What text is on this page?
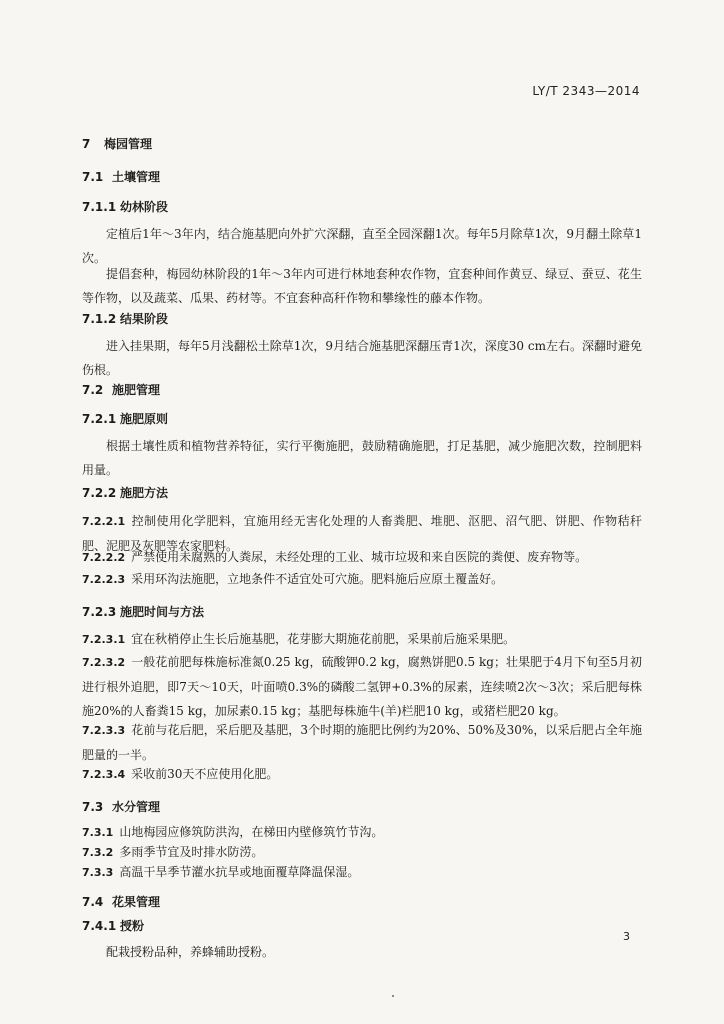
LY/T 2343—2014
7 梅园管理
7.1 土壤管理
7.1.1 幼林阶段
定植后1年～3年内，结合施基肥向外扩穴深翻，直至全园深翻1次。每年5月除草1次，9月翻土除草1次。
提倡套种，梅园幼林阶段的1年～3年内可进行林地套种农作物，宜套种间作黄豆、绿豆、蚕豆、花生等作物，以及蔬菜、瓜果、药材等。不宜套种高秆作物和攀缘性的藤本作物。
7.1.2 结果阶段
进入挂果期，每年5月浅翻松土除草1次，9月结合施基肥深翻压青1次，深度30 cm左右。深翻时避免伤根。
7.2 施肥管理
7.2.1 施肥原则
根据土壤性质和植物营养特征，实行平衡施肥，鼓励精确施肥，打足基肥，减少施肥次数，控制肥料用量。
7.2.2 施肥方法
7.2.2.1 控制使用化学肥料，宜施用经无害化处理的人畜粪肥、堆肥、沤肥、沼气肥、饼肥、作物秸秆肥、泥肥及灰肥等农家肥料。
7.2.2.2 严禁使用未腐熟的人粪尿，未经处理的工业、城市垃圾和来自医院的粪便、废弃物等。
7.2.2.3 采用环沟法施肥，立地条件不适宜处可穴施。肥料施后应原土覆盖好。
7.2.3 施肥时间与方法
7.2.3.1 宜在秋梢停止生长后施基肥，花芽膨大期施花前肥，采果前后施采果肥。
7.2.3.2 一般花前肥每株施标准氮0.25 kg，硫酸钾0.2 kg，腐熟饼肥0.5 kg；壮果肥于4月下旬至5月初进行根外追肥，即7天～10天，叶面喷0.3%的磷酸二氢钾+0.3%的尿素，连续喷2次～3次；采后肥每株施20%的人畜粪15 kg，加尿素0.15 kg；基肥每株施牛(羊)栏肥10 kg，或猪栏肥20 kg。
7.2.3.3 花前与花后肥，采后肥及基肥，3个时期的施肥比例约为20%、50%及30%，以采后肥占全年施肥量的一半。
7.2.3.4 采收前30天不应使用化肥。
7.3 水分管理
7.3.1 山地梅园应修筑防洪沟，在梯田内壁修筑竹节沟。
7.3.2 多雨季节宜及时排水防涝。
7.3.3 高温干旱季节灌水抗旱或地面覆草降温保湿。
7.4 花果管理
7.4.1 授粉
配栽授粉品种，养蜂辅助授粉。
3
